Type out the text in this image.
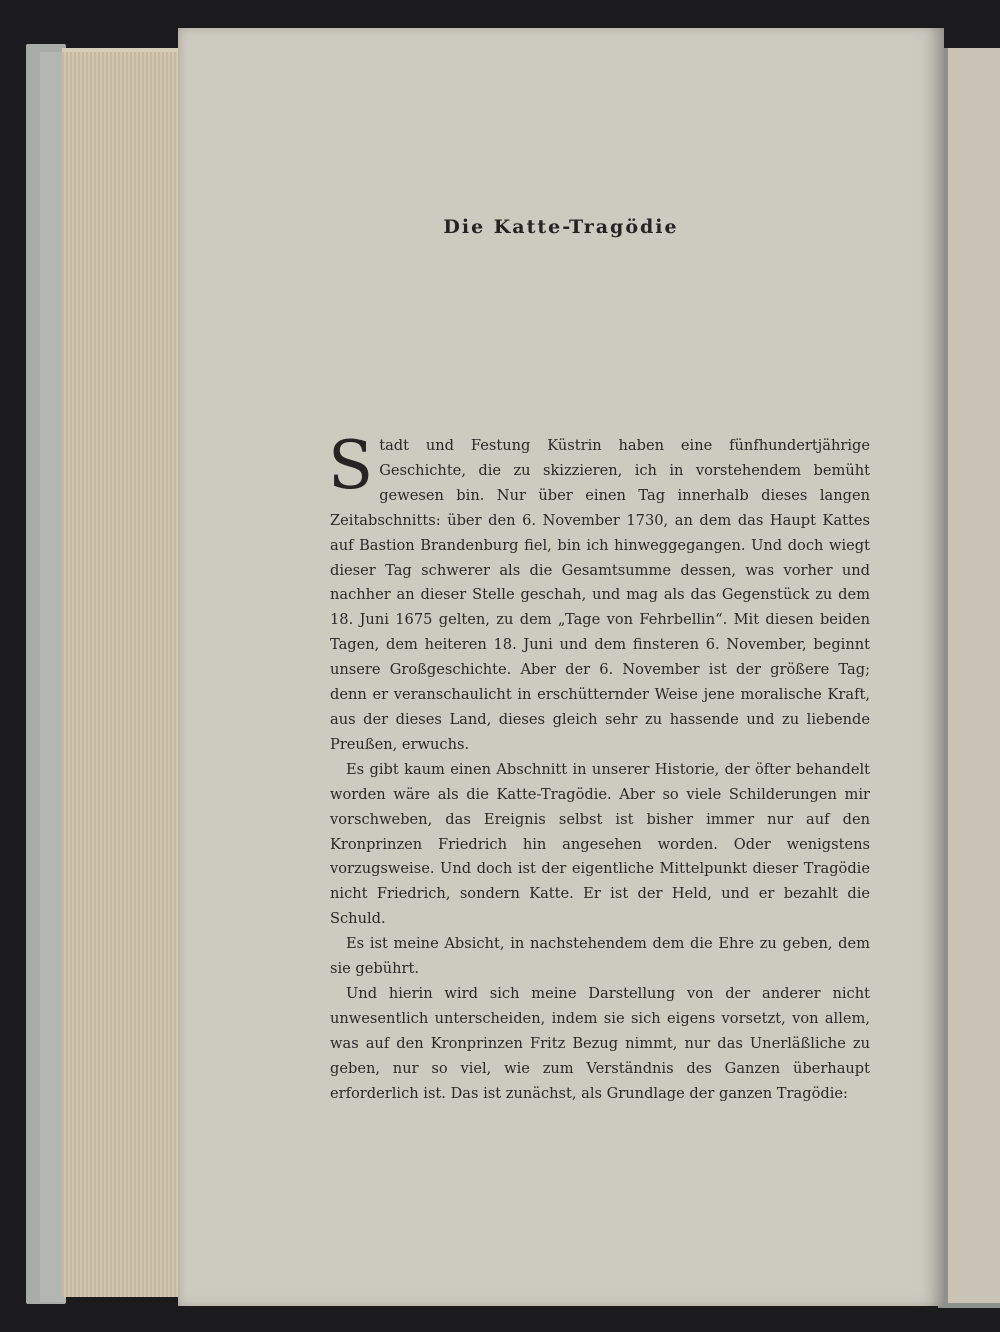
Die Katte-Tragödie

Stadt und Festung Küstrin haben eine fünfhundertjährige Geschichte, die zu skizzieren, ich in vorstehendem bemüht gewesen bin. Nur über einen Tag innerhalb dieses langen Zeitabschnitts: über den 6. November 1730, an dem das Haupt Kattes auf Bastion Brandenburg fiel, bin ich hinweggegangen. Und doch wiegt dieser Tag schwerer als die Gesamtsumme dessen, was vorher und nachher an dieser Stelle geschah, und mag als das Gegenstück zu dem 18. Juni 1675 gelten, zu dem „Tage von Fehrbellin“. Mit diesen beiden Tagen, dem heiteren 18. Juni und dem finsteren 6. November, beginnt unsere Großgeschichte. Aber der 6. November ist der größere Tag; denn er veranschaulicht in erschütternder Weise jene moralische Kraft, aus der dieses Land, dieses gleich sehr zu hassende und zu liebende Preußen, erwuchs.

Es gibt kaum einen Abschnitt in unserer Historie, der öfter behandelt worden wäre als die Katte-Tragödie. Aber so viele Schilderungen mir vorschweben, das Ereignis selbst ist bisher immer nur auf den Kronprinzen Friedrich hin angesehen worden. Oder wenigstens vorzugsweise. Und doch ist der eigentliche Mittelpunkt dieser Tragödie nicht Friedrich, sondern Katte. Er ist der Held, und er bezahlt die Schuld.

Es ist meine Absicht, in nachstehendem dem die Ehre zu geben, dem sie gebührt.

Und hierin wird sich meine Darstellung von der anderer nicht unwesentlich unterscheiden, indem sie sich eigens vorsetzt, von allem, was auf den Kronprinzen Fritz Bezug nimmt, nur das Unerläßliche zu geben, nur so viel, wie zum Verständnis des Ganzen überhaupt erforderlich ist. Das ist zunächst, als Grundlage der ganzen Tragödie:
